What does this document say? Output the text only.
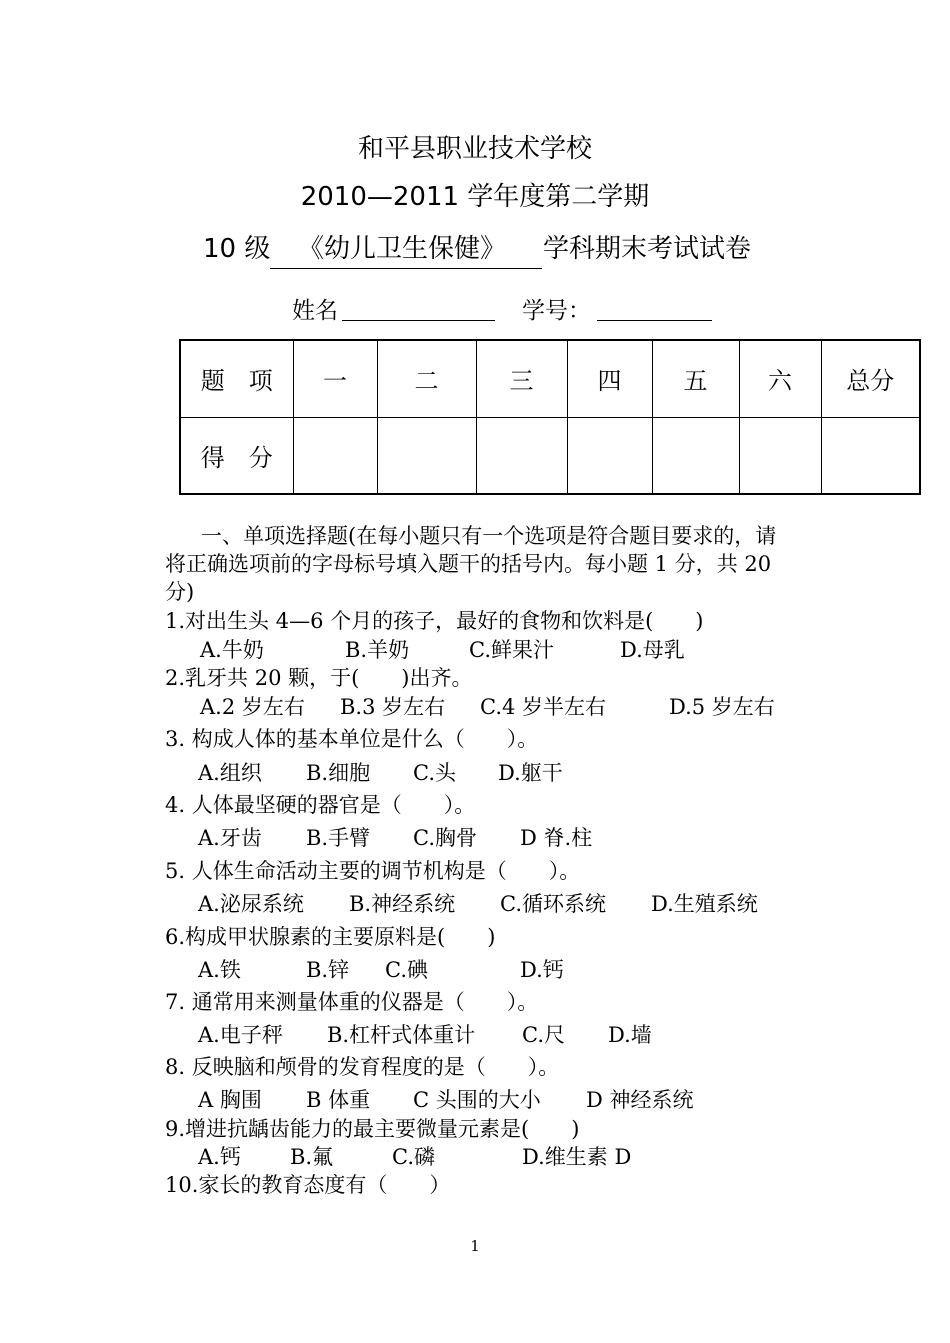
和平县职业技术学校
2010—2011 学年度第二学期
10 级 《幼儿卫生保健》 学科期末考试试卷
姓名	学号：
题　项	一	二	三	四	五	六	总分
得　分							
一、单项选择题(在每小题只有一个选项是符合题目要求的，请
将正确选项前的字母标号填入题干的括号内。每小题 1 分，共 20
分)
1.对出生头 4—6 个月的孩子，最好的食物和饮料是(　　)
A.牛奶	B.羊奶	C.鲜果汁	D.母乳
2.乳牙共 20 颗，于(　　)出齐。
A.2 岁左右 B.3 岁左右 C.4 岁半左右	D.5 岁左右
3. 构成人体的基本单位是什么（　　）。
A.组织 B.细胞 C.头 D.躯干
4. 人体最坚硬的器官是（　　）。
A.牙齿 B.手臂 C.胸骨 D 脊.柱
5. 人体生命活动主要的调节机构是（　　）。
A.泌尿系统 B.神经系统 C.循环系统 D.生殖系统
6.构成甲状腺素的主要原料是(　　)
A.铁	B.锌 C.碘	D.钙
7. 通常用来测量体重的仪器是（　　）。
A.电子秤 B.杠杆式体重计 C.尺 D.墙
8. 反映脑和颅骨的发育程度的是（　　）。
A 胸围 B 体重 C 头围的大小 D 神经系统
9.增进抗龋齿能力的最主要微量元素是(　　)
A.钙 B.氟	C.磷	D.维生素 D
10.家长的教育态度有（　　）
1
